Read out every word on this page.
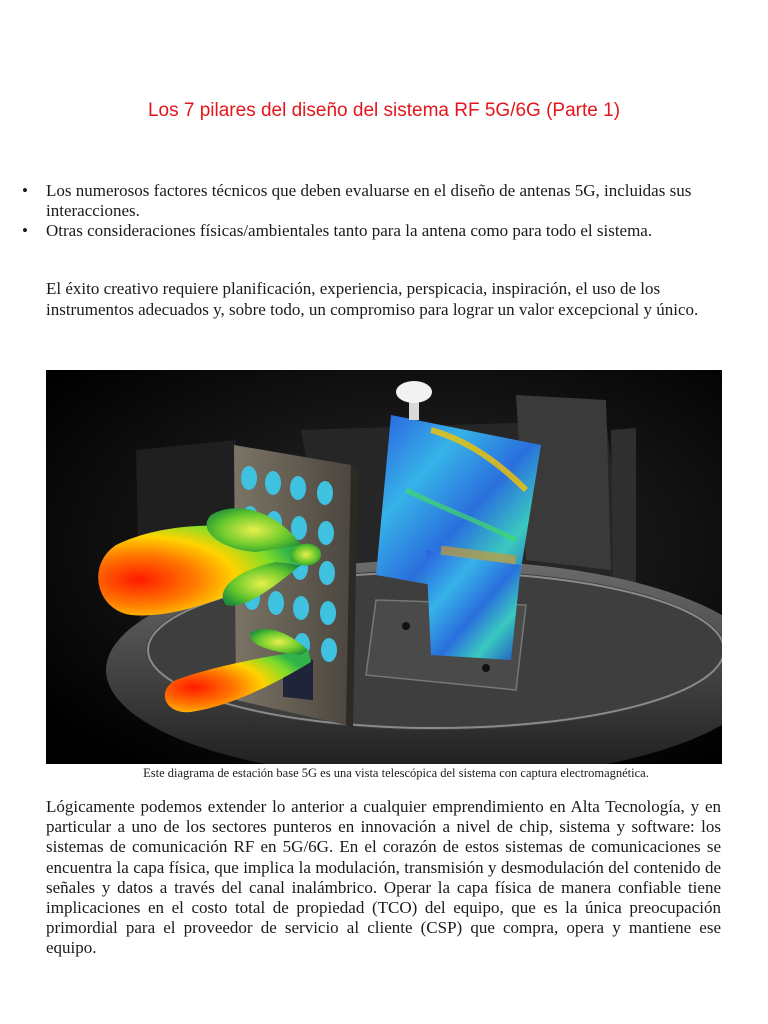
Los 7 pilares del diseño del sistema RF 5G/6G (Parte 1)
• Los numerosos factores técnicos que deben evaluarse en el diseño de antenas 5G, incluidas sus interacciones.
• Otras consideraciones físicas/ambientales tanto para la antena como para todo el sistema.

El éxito creativo requiere planificación, experiencia, perspicacia, inspiración, el uso de los instrumentos adecuados y, sobre todo, un compromiso para lograr un valor excepcional y único.

Este diagrama de estación base 5G es una vista telescópica del sistema con captura electromagnética.

Lógicamente podemos extender lo anterior a cualquier emprendimiento en Alta Tecnología, y en particular a uno de los sectores punteros en innovación a nivel de chip, sistema y software: los sistemas de comunicación RF en 5G/6G. En el corazón de estos sistemas de comunicaciones se encuentra la capa física, que implica la modulación, transmisión y desmodulación del contenido de señales y datos a través del canal inalámbrico. Operar la capa física de manera confiable tiene implicaciones en el costo total de propiedad (TCO) del equipo, que es la única preocupación primordial para el proveedor de servicio al cliente (CSP) que compra, opera y mantiene ese equipo.
